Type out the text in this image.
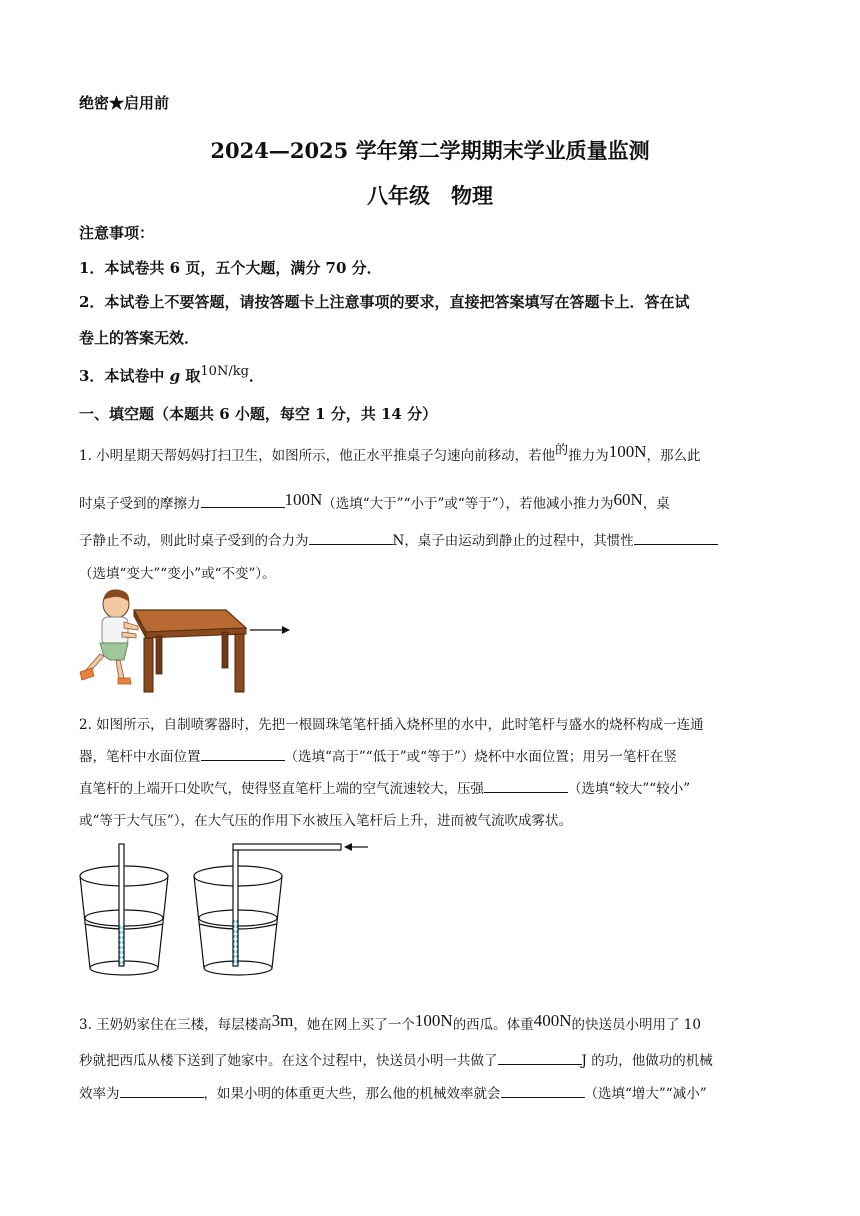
绝密★启用前
2024—2025 学年第二学期期末学业质量监测
八年级　物理
注意事项：
1．本试卷共 6 页，五个大题，满分 70 分．
2．本试卷上不要答题，请按答题卡上注意事项的要求，直接把答案填写在答题卡上．答在试
卷上的答案无效．
3．本试卷中 g 取10N/kg．
一、填空题（本题共 6 小题，每空 1 分，共 14 分）
1. 小明星期天帮妈妈打扫卫生，如图所示，他正水平推桌子匀速向前移动，若他的推力为100N，那么此
时桌子受到的摩擦力	100N（选填“大于”“小于”或“等于”），若他减小推力为60N，桌
子静止不动，则此时桌子受到的合力为	N，桌子由运动到静止的过程中，其惯性
（选填“变大”“变小”或“不变”）。
2. 如图所示，自制喷雾器时，先把一根圆珠笔笔杆插入烧杯里的水中，此时笔杆与盛水的烧杯构成一连通
器，笔杆中水面位置	（选填“高于”“低于”或“等于”）烧杯中水面位置；用另一笔杆在竖
直笔杆的上端开口处吹气，使得竖直笔杆上端的空气流速较大，压强	（选填“较大”“较小”
或“等于大气压”），在大气压的作用下水被压入笔杆后上升，进而被气流吹成雾状。
3. 王奶奶家住在三楼，每层楼高3m，她在网上买了一个100N的西瓜。体重400N的快送员小明用了 10
秒就把西瓜从楼下送到了她家中。在这个过程中，快送员小明一共做了	J 的功，他做功的机械
效率为	，如果小明的体重更大些，那么他的机械效率就会	（选填“增大”“减小”
